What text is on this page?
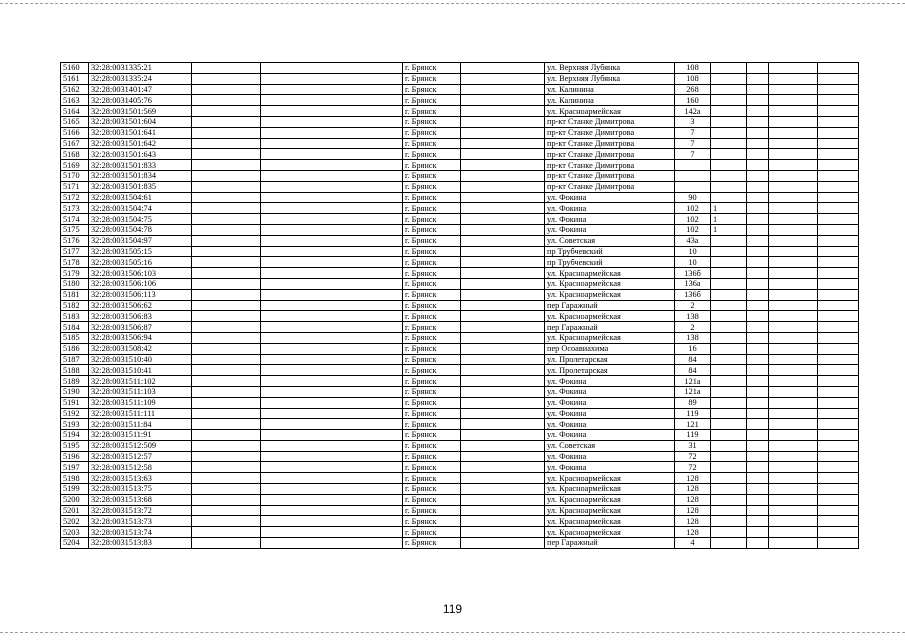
5160	32:28:0031335:21			г. Брянск		ул. Верхняя Лубянка	108				
5161	32:28:0031335:24			г. Брянск		ул. Верхняя Лубянка	108				
5162	32:28:0031401:47			г. Брянск		ул. Калинина	268				
5163	32:28:0031405:76			г. Брянск		ул. Калинина	160				
5164	32:28:0031501:569			г. Брянск		ул. Красноармейская	142а				
5165	32:28:0031501:604			г. Брянск		пр-кт Станке Димитрова	3				
5166	32:28:0031501:641			г. Брянск		пр-кт Станке Димитрова	7				
5167	32:28:0031501:642			г. Брянск		пр-кт Станке Димитрова	7				
5168	32:28:0031501:643			г. Брянск		пр-кт Станке Димитрова	7				
5169	32:28:0031501:833			г. Брянск		пр-кт Станке Димитрова					
5170	32:28:0031501:834			г. Брянск		пр-кт Станке Димитрова					
5171	32:28:0031501:835			г. Брянск		пр-кт Станке Димитрова					
5172	32:28:0031504:61			г. Брянск		ул. Фокина	90				
5173	32:28:0031504:74			г. Брянск		ул. Фокина	102	1			
5174	32:28:0031504:75			г. Брянск		ул. Фокина	102	1			
5175	32:28:0031504:78			г. Брянск		ул. Фокина	102	1			
5176	32:28:0031504:97			г. Брянск		ул. Советская	43а				
5177	32:28:0031505:15			г. Брянск		пр Трубчевский	10				
5178	32:28:0031505:16			г. Брянск		пр Трубчевский	10				
5179	32:28:0031506:103			г. Брянск		ул. Красноармейская	136б				
5180	32:28:0031506:106			г. Брянск		ул. Красноармейская	136а				
5181	32:28:0031506:113			г. Брянск		ул. Красноармейская	136б				
5182	32:28:0031506:62			г. Брянск		пер Гаражный	2				
5183	32:28:0031506:83			г. Брянск		ул. Красноармейская	138				
5184	32:28:0031506:87			г. Брянск		пер Гаражный	2				
5185	32:28:0031506:94			г. Брянск		ул. Красноармейская	138				
5186	32:28:0031508:42			г. Брянск		пер Осоавиахима	16				
5187	32:28:0031510:40			г. Брянск		ул. Пролетарская	84				
5188	32:28:0031510:41			г. Брянск		ул. Пролетарская	84				
5189	32:28:0031511:102			г. Брянск		ул. Фокина	121а				
5190	32:28:0031511:103			г. Брянск		ул. Фокина	121а				
5191	32:28:0031511:109			г. Брянск		ул. Фокина	89				
5192	32:28:0031511:111			г. Брянск		ул. Фокина	119				
5193	32:28:0031511:84			г. Брянск		ул. Фокина	121				
5194	32:28:0031511:91			г. Брянск		ул. Фокина	119				
5195	32:28:0031512:509			г. Брянск		ул. Советская	31				
5196	32:28:0031512:57			г. Брянск		ул. Фокина	72				
5197	32:28:0031512:58			г. Брянск		ул. Фокина	72				
5198	32:28:0031513:63			г. Брянск		ул. Красноармейская	128				
5199	32:28:0031513:75			г. Брянск		ул. Красноармейская	128				
5200	32:28:0031513:68			г. Брянск		ул. Красноармейская	128				
5201	32:28:0031513:72			г. Брянск		ул. Красноармейская	128				
5202	32:28:0031513:73			г. Брянск		ул. Красноармейская	128				
5203	32:28:0031513:74			г. Брянск		ул. Красноармейская	128				
5204	32:28:0031513:83			г. Брянск		пер Гаражный	4				
119
